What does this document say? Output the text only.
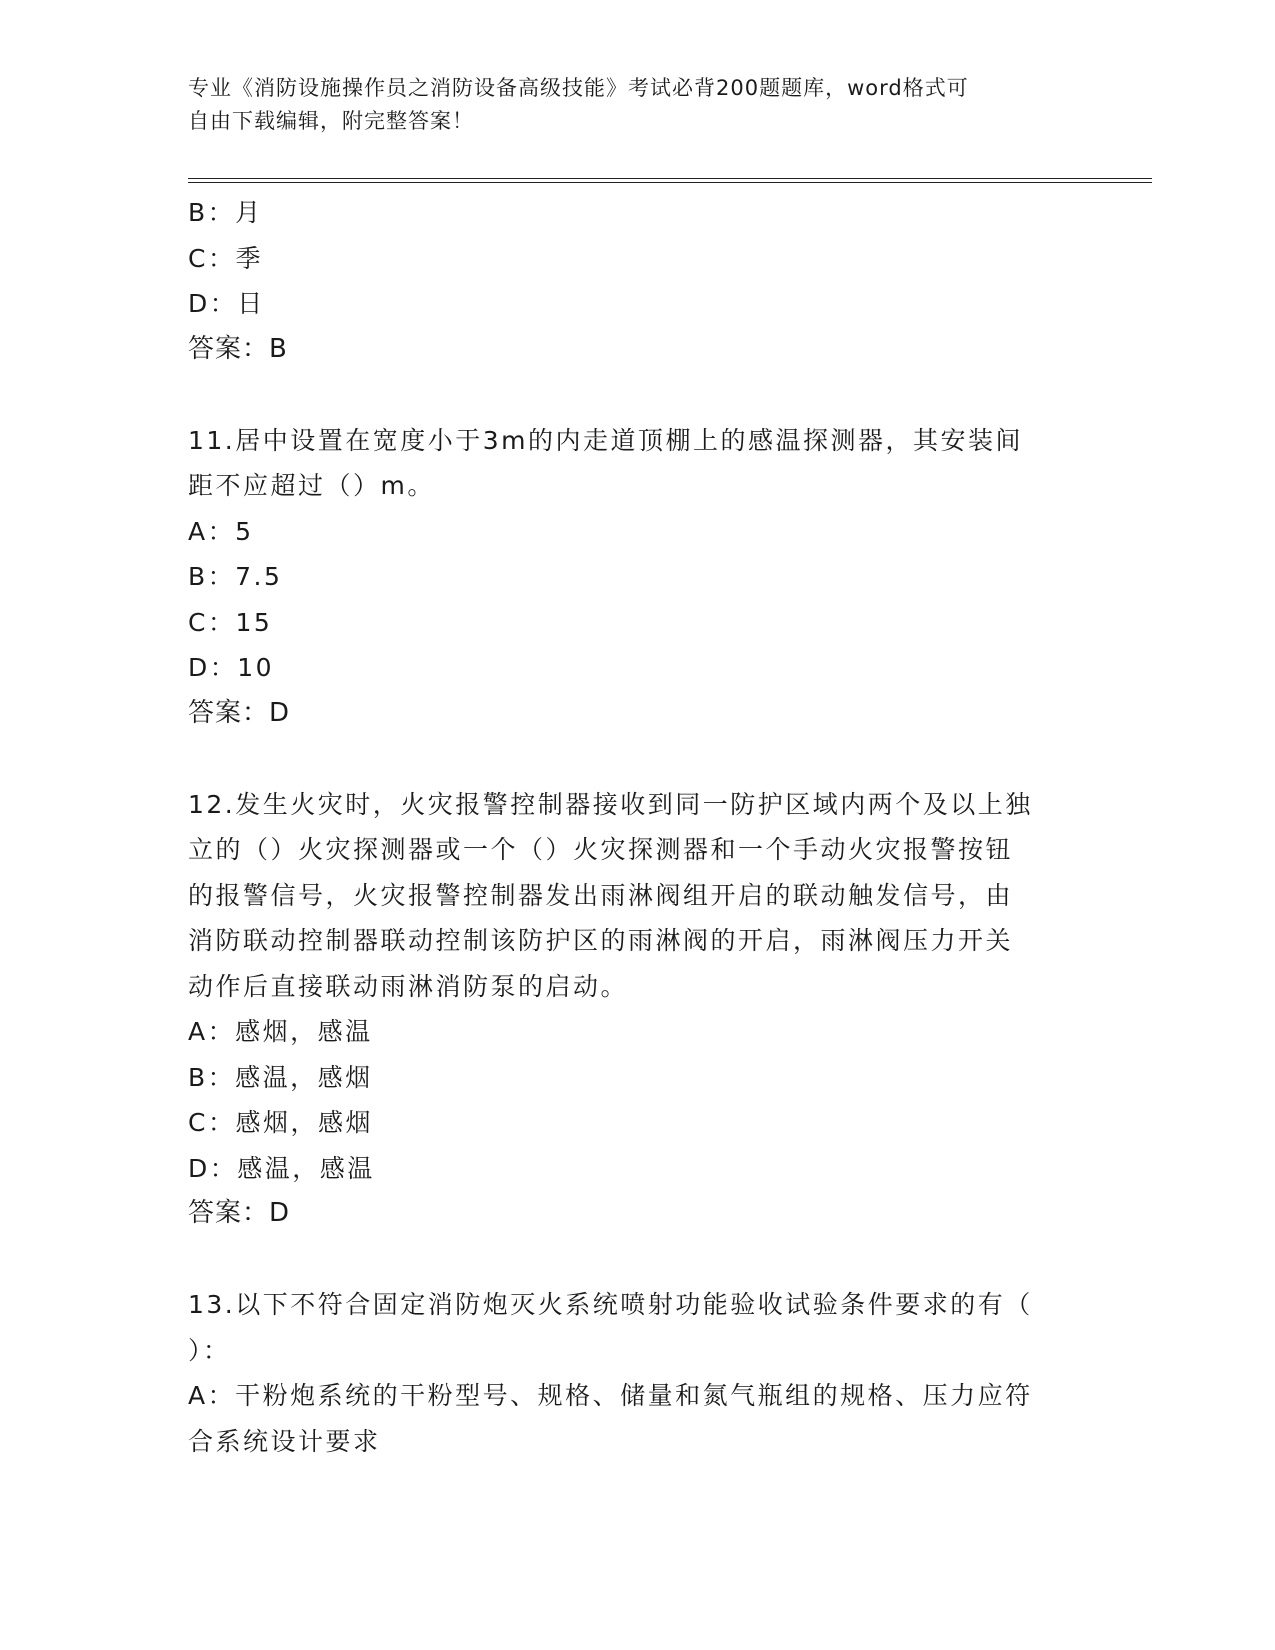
专业《消防设施操作员之消防设备高级技能》考试必背200题题库，word格式可
自由下载编辑，附完整答案！
B：月
C：季
D：日
答案：B
11.居中设置在宽度小于3m的内走道顶棚上的感温探测器，其安装间
距不应超过（）m。
A：5
B：7.5
C：15
D：10
答案：D
12.发生火灾时，火灾报警控制器接收到同一防护区域内两个及以上独
立的（）火灾探测器或一个（）火灾探测器和一个手动火灾报警按钮
的报警信号，火灾报警控制器发出雨淋阀组开启的联动触发信号，由
消防联动控制器联动控制该防护区的雨淋阀的开启，雨淋阀压力开关
动作后直接联动雨淋消防泵的启动。
A：感烟，感温
B：感温，感烟
C：感烟，感烟
D：感温，感温
答案：D
13.以下不符合固定消防炮灭火系统喷射功能验收试验条件要求的有（
）：
A：干粉炮系统的干粉型号、规格、储量和氮气瓶组的规格、压力应符
合系统设计要求
